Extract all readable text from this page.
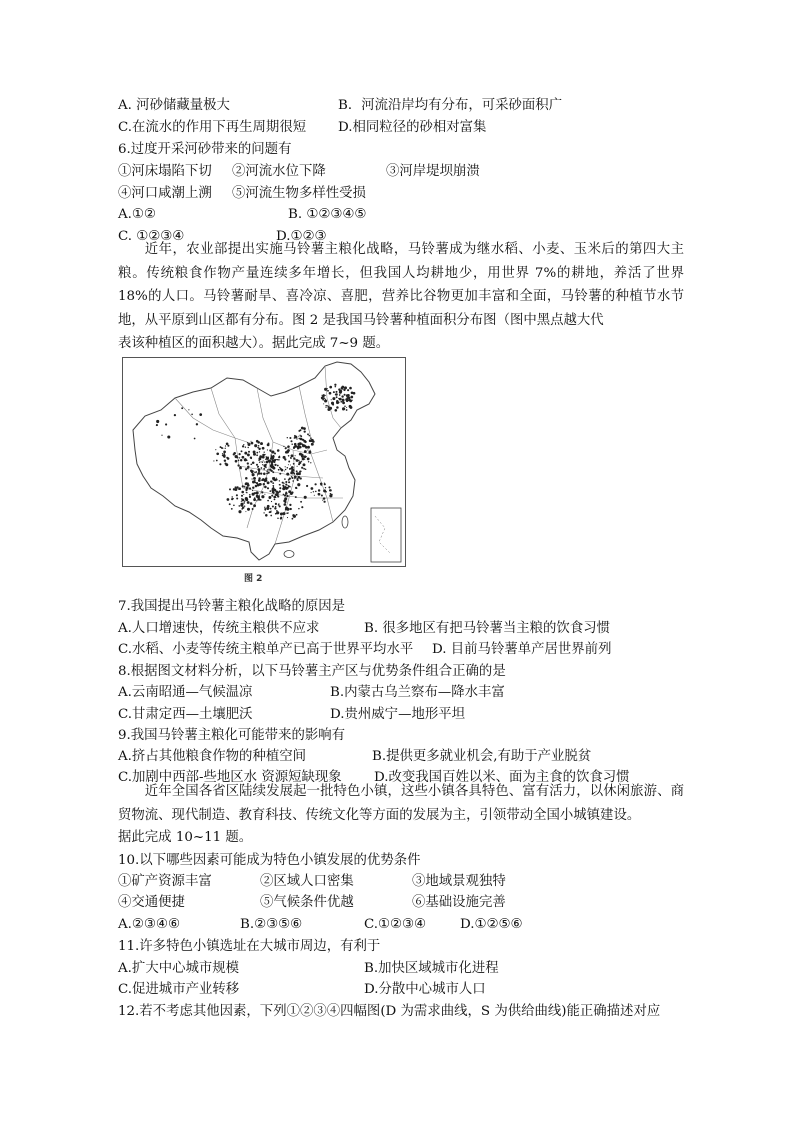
A. 河砂储藏量极大	B．河流沿岸均有分布，可采砂面积广
C.在流水的作用下再生周期很短 D.相同粒径的砂相对富集
6.过度开采河砂带来的问题有
①河床塌陷下切 ②河流水位下降	③河岸堤坝崩溃
④河口咸潮上溯 ⑤河流生物多样性受损
A.①②	B. ①②③④⑤
C. ①②③④	D.①②③
近年，农业部提出实施马铃薯主粮化战略，马铃薯成为继水稻、小麦、玉米后的第四大主粮。传统粮食作物产量连续多年增长，但我国人均耕地少，用世界 7%的耕地，养活了世界 18%的人口。马铃薯耐旱、喜冷凉、喜肥，营养比谷物更加丰富和全面，马铃薯的种植节水节地，从平原到山区都有分布。图 2 是我国马铃薯种植面积分布图（图中黑点越大代
表该种植区的面积越大）。据此完成 7~9 题。
图 2
7.我国提出马铃薯主粮化战略的原因是
A.人口增速快，传统主粮供不应求	B. 很多地区有把马铃薯当主粮的饮食习惯
C.水稻、小麦等传统主粮单产已高于世界平均水平 D. 目前马铃薯单产居世界前列
8.根据图文材料分析，以下马铃薯主产区与优势条件组合正确的是
A.云南昭通—气候温凉	B.内蒙古乌兰察布—降水丰富
C.甘肃定西—土壤肥沃	D.贵州威宁—地形平坦
9.我国马铃薯主粮化可能带来的影响有
A.挤占其他粮食作物的种植空间	B.提供更多就业机会,有助于产业脱贫
C.加剧中西部-些地区水 资源短缺现象 D.改变我国百姓以米、面为主食的饮食习惯
近年全国各省区陆续发展起一批特色小镇，这些小镇各具特色、富有活力，以休闲旅游、商贸物流、现代制造、教育科技、传统文化等方面的发展为主，引领带动全国小城镇建设。
据此完成 10~11 题。
10.以下哪些因素可能成为特色小镇发展的优势条件
①矿产资源丰富	②区域人口密集	③地域景观独特
④交通便捷	⑤气候条件优越	⑥基础设施完善
A.②③④⑥	B.②③⑤⑥	C.①②③④	D.①②⑤⑥
11.许多特色小镇选址在大城市周边，有利于
A.扩大中心城市规模	B.加快区域城市化进程
C.促进城市产业转移	D.分散中心城市人口
12.若不考虑其他因素，下列①②③④四幅图(D 为需求曲线，S 为供给曲线)能正确描述对应
